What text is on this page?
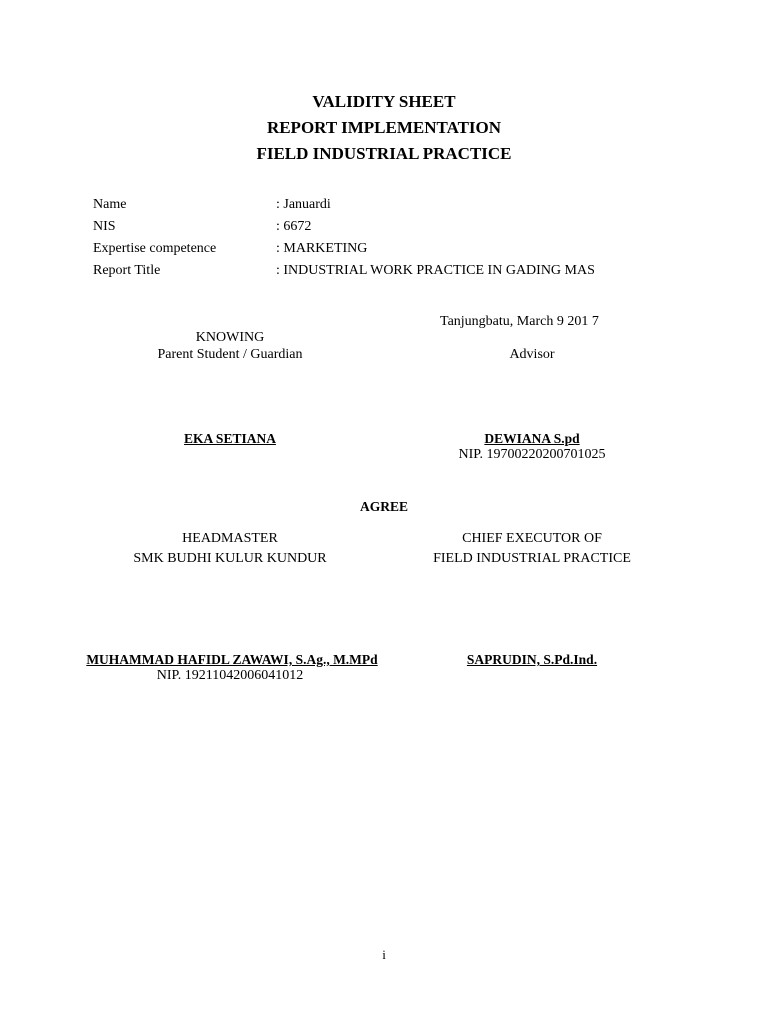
VALIDITY SHEET
REPORT IMPLEMENTATION
FIELD INDUSTRIAL PRACTICE
Name	: Januardi
NIS	: 6672
Expertise competence	: MARKETING
Report Title	: INDUSTRIAL WORK PRACTICE IN GADING MAS
Tanjungbatu, March 9 201 7
KNOWING
Parent Student / Guardian	Advisor
EKA SETIANA	DEWIANA S.pd
NIP. 19700220200701025
AGREE
HEADMASTER
SMK BUDHI KULUR KUNDUR
CHIEF EXECUTOR OF
FIELD INDUSTRIAL PRACTICE
MUHAMMAD HAFIDL ZAWAWI, S.Ag., M.MPd	SAPRUDIN, S.Pd.Ind.
NIP. 19211042006041012
i
